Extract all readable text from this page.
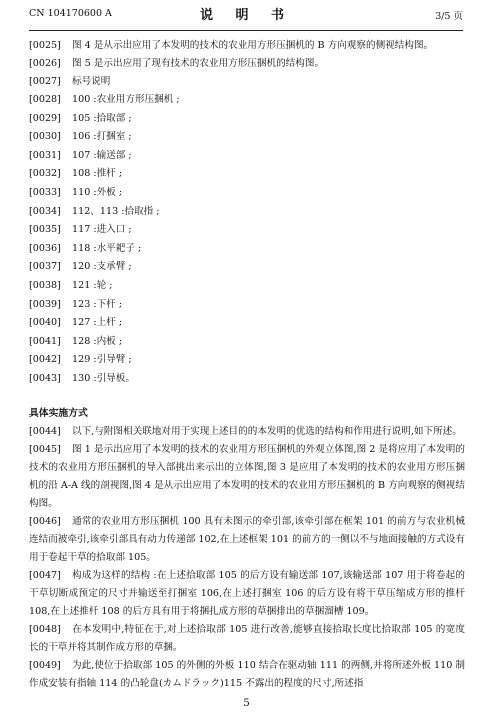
CN 104170600 A	说 明 书	3/5 页

[0025] 图 4 是从示出应用了本发明的技术的农业用方形压捆机的 B 方向观察的侧视结构图。

[0026] 图 5 是示出应用了现有技术的农业用方形压捆机的结构图。

[0027] 标号说明

[0028]	100 :农业用方形压捆机 ;
[0029]	105 :拾取部 ;
[0030]	106 :打捆室 ;
[0031]	107 :输送部 ;
[0032]	108 :推杆 ;
[0033]	110 :外板 ;
[0034]	112、113 :拾取指 ;
[0035]	117 :进入口 ;
[0036]	118 :水平耙子 ;
[0037]	120 :支承臂 ;
[0038]	121 :轮 ;
[0039]	123 :下杆 ;
[0040]	127 :上杆 ;
[0041]	128 :内板 ;
[0042]	129 :引导臂 ;
[0043]	130 :引导板。
具体实施方式

[0044] 以下,与附图相关联地对用于实现上述目的的本发明的优选的结构和作用进行说明,如下所述。

[0045] 图 1 是示出应用了本发明的技术的农业用方形压捆机的外观立体图,图 2 是将应用了本发明的技术的农业用方形压捆机的导入部挑出来示出的立体图,图 3 是应用了本发明的技术的农业用方形压捆机的沿 A-A 线的剖视图,图 4 是从示出应用了本发明的技术的农业用方形压捆机的 B 方向观察的侧视结构图。

[0046] 通常的农业用方形压捆机 100 具有未图示的牵引部,该牵引部在框架 101 的前方与农业机械连结而被牵引,该牵引部具有动力传递部 102,在上述框架 101 的前方的一侧以不与地面接触的方式设有用于卷起干草的拾取部 105。

[0047] 构成为这样的结构 :在上述拾取部 105 的后方设有输送部 107,该输送部 107 用于将卷起的干草切断成预定的尺寸并输送至打捆室 106,在上述打捆室 106 的后方设有将干草压缩成方形的推杆 108,在上述推杆 108 的后方具有用于将捆扎成方形的草捆排出的草捆溜槽 109。

[0048] 在本发明中,特征在于,对上述拾取部 105 进行改善,能够直接拾取长度比拾取部 105 的宽度长的干草并将其制作成方形的草捆。

[0049] 为此,使位于拾取部 105 的外侧的外板 110 结合在驱动轴 111 的两侧,并将所述外板 110 制作成安装有指轴 114 的凸轮盘(カムドラック)115 不露出的程度的尺寸,所述指

5
